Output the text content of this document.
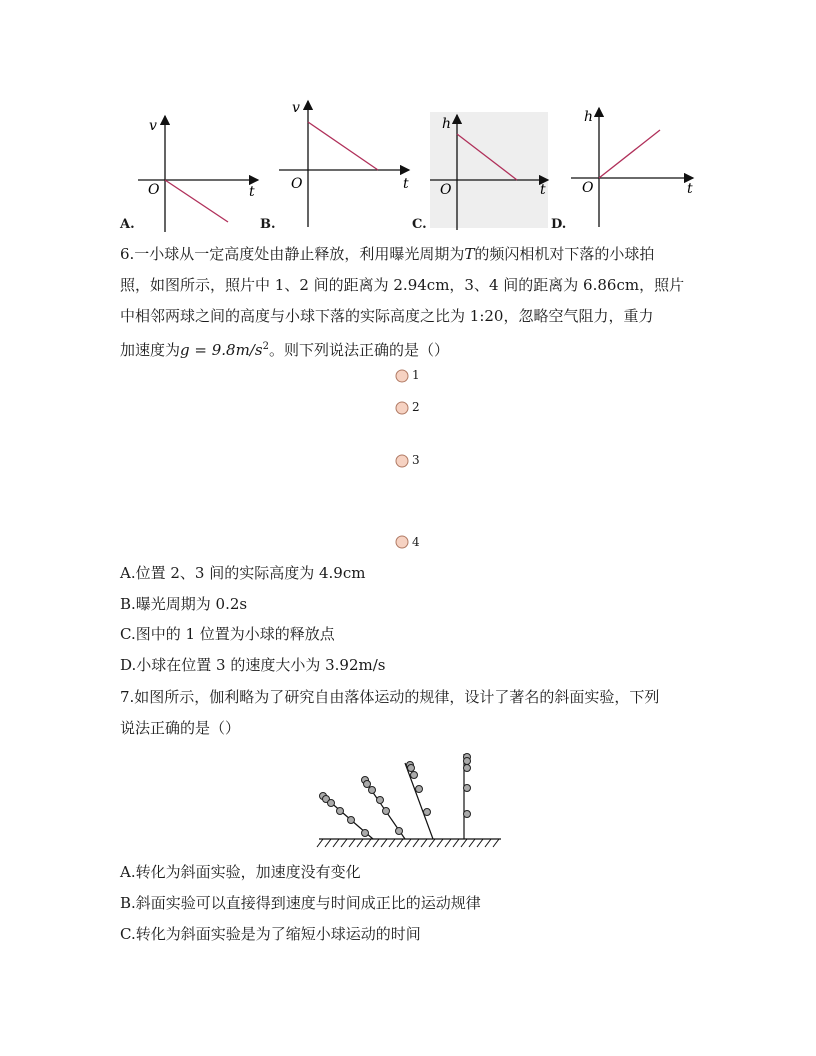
v
O	t
A.
v
O	t
B.
h
O	t
C.
h
O	t
D.
6.一小球从一定高度处由静止释放，利用曝光周期为T的频闪相机对下落的小球拍
照，如图所示，照片中 1、2 间的距离为 2.94cm，3、4 间的距离为 6.86cm，照片
中相邻两球之间的高度与小球下落的实际高度之比为 1:20，忽略空气阻力，重力
加速度为$g = 9.8m/s^2$。则下列说法正确的是（）
1
2
3
4
A.位置 2、3 间的实际高度为 4.9cm
B.曝光周期为 0.2s
C.图中的 1 位置为小球的释放点
D.小球在位置 3 的速度大小为 3.92m/s
7.如图所示，伽利略为了研究自由落体运动的规律，设计了著名的斜面实验，下列
说法正确的是（）
A.转化为斜面实验，加速度没有变化
B.斜面实验可以直接得到速度与时间成正比的运动规律
C.转化为斜面实验是为了缩短小球运动的时间
